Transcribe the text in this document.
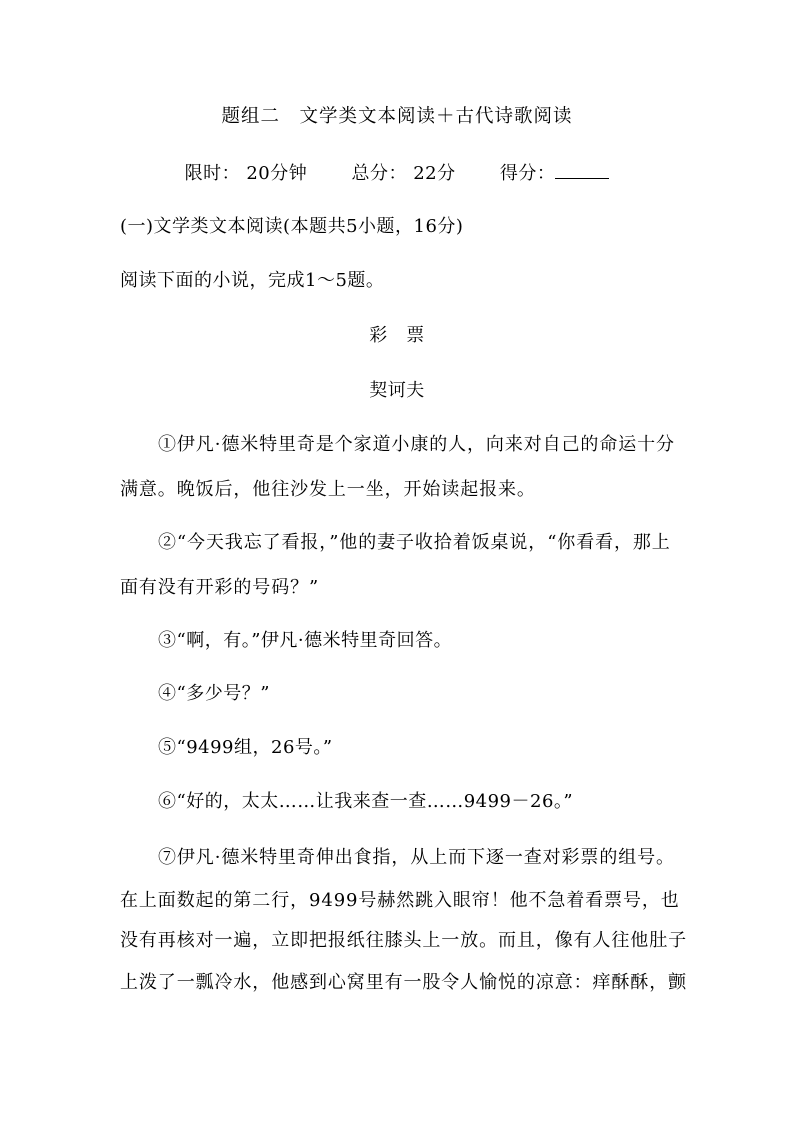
题组二　文学类文本阅读＋古代诗歌阅读
限时： 20分钟 总分： 22分 得分：
(一)文学类文本阅读(本题共5小题，16分)
阅读下面的小说，完成1～5题。
彩　票
契诃夫
①伊凡·德米特里奇是个家道小康的人，向来对自己的命运十分
满意。晚饭后，他往沙发上一坐，开始读起报来。
②“今天我忘了看报，”他的妻子收拾着饭桌说，“你看看，那上
面有没有开彩的号码？”
③“啊，有。”伊凡·德米特里奇回答。
④“多少号？”
⑤“9499组，26号。”
⑥“好的，太太……让我来查一查……9499－26。”
⑦伊凡·德米特里奇伸出食指，从上而下逐一查对彩票的组号。
在上面数起的第二行，9499号赫然跳入眼帘！他不急着看票号，也
没有再核对一遍，立即把报纸往膝头上一放。而且，像有人往他肚子
上泼了一瓢冷水，他感到心窝里有一股令人愉悦的凉意：痒酥酥，颤
